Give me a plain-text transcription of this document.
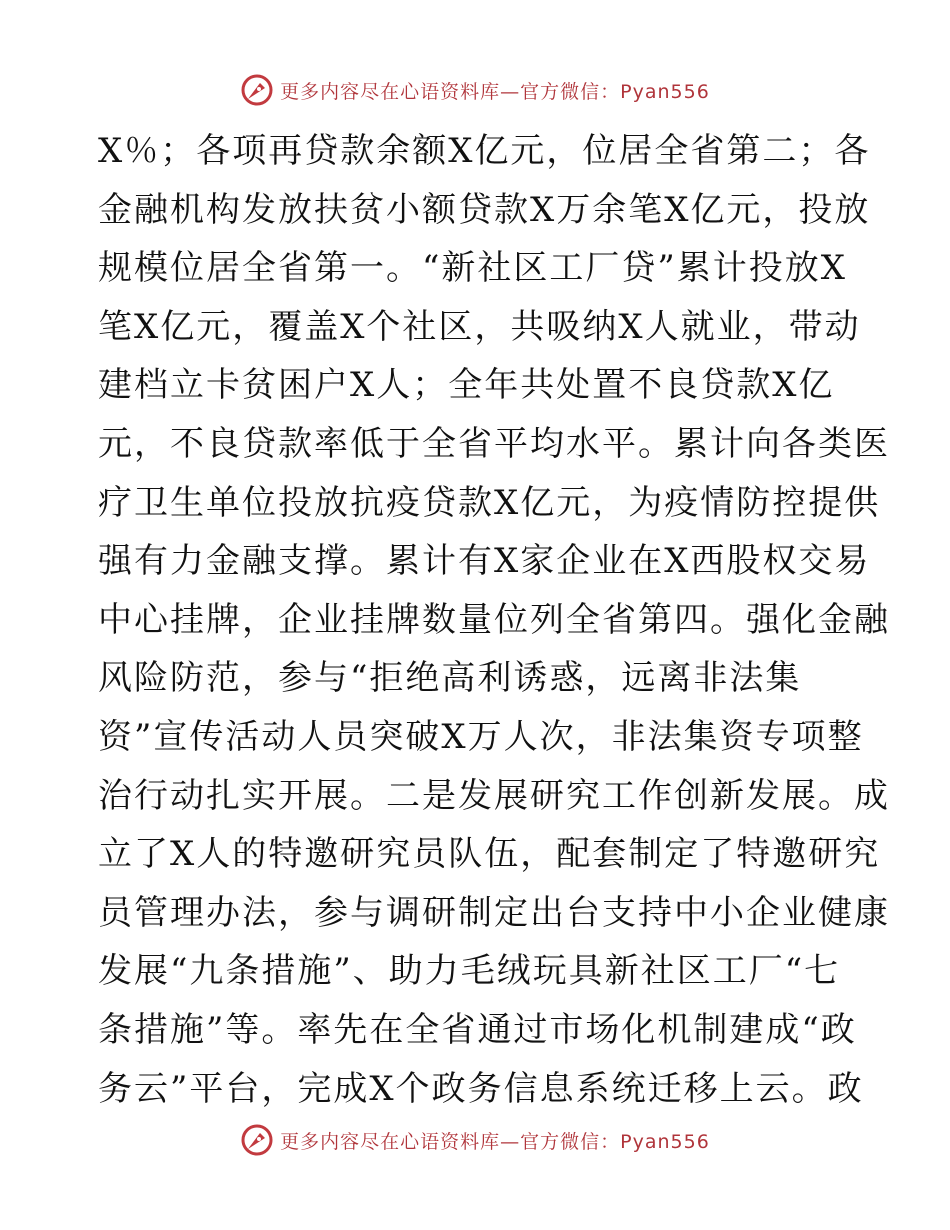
更多内容尽在心语资料库—官方微信：Pyan556
X％；各项再贷款余额X亿元，位居全省第二；各
金融机构发放扶贫小额贷款X万余笔X亿元，投放
规模位居全省第一。“新社区工厂贷”累计投放X
笔X亿元，覆盖X个社区，共吸纳X人就业，带动
建档立卡贫困户X人；全年共处置不良贷款X亿
元，不良贷款率低于全省平均水平。累计向各类医
疗卫生单位投放抗疫贷款X亿元，为疫情防控提供
强有力金融支撑。累计有X家企业在X西股权交易
中心挂牌，企业挂牌数量位列全省第四。强化金融
风险防范，参与“拒绝高利诱惑，远离非法集
资”宣传活动人员突破X万人次，非法集资专项整
治行动扎实开展。二是发展研究工作创新发展。成
立了X人的特邀研究员队伍，配套制定了特邀研究
员管理办法，参与调研制定出台支持中小企业健康
发展“九条措施”、助力毛绒玩具新社区工厂“七
条措施”等。率先在全省通过市场化机制建成“政
务云”平台，完成X个政务信息系统迁移上云。政
更多内容尽在心语资料库—官方微信：Pyan556
